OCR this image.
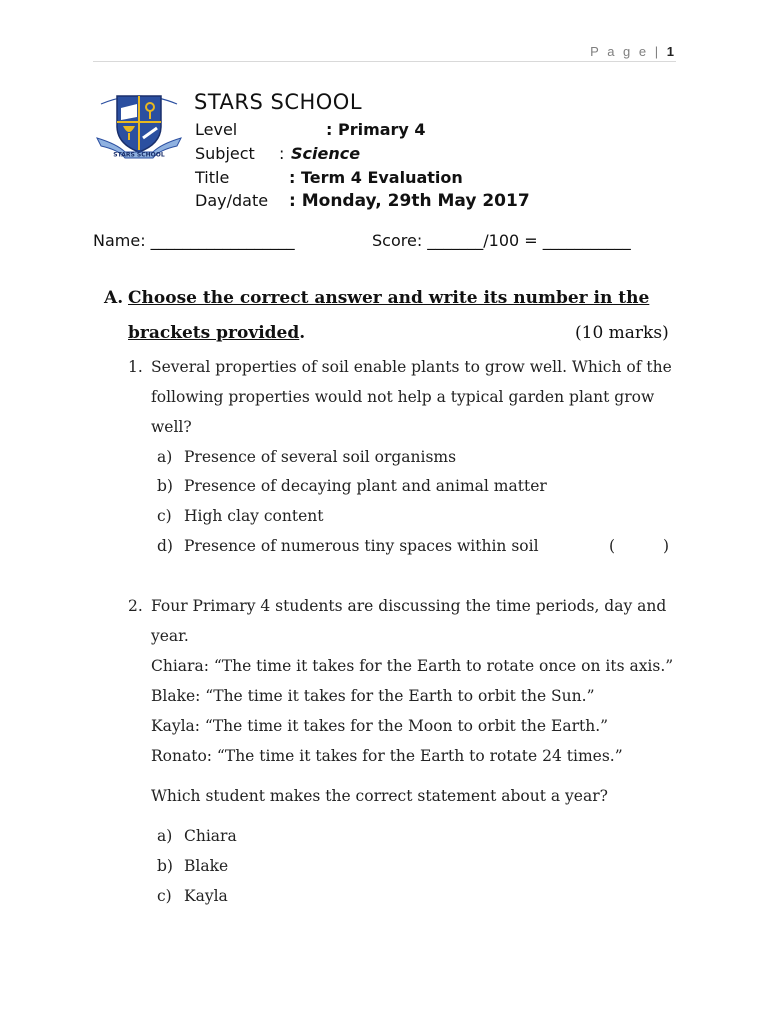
P a g e | 1
STARS SCHOOL
STARS SCHOOL
Level	: Primary 4
Subject : Science
Title	: Term 4 Evaluation
Day/date : Monday, 29th May 2017
Name: __________________	Score: _______/100 = ___________
A. Choose the correct answer and write its number in the
brackets provided.	(10 marks)
1. Several properties of soil enable plants to grow well. Which of the
following properties would not help a typical garden plant grow
well?
a) Presence of several soil organisms
b) Presence of decaying plant and animal matter
c) High clay content
d) Presence of numerous tiny spaces within soil	(	)
2. Four Primary 4 students are discussing the time periods, day and
year.
Chiara: “The time it takes for the Earth to rotate once on its axis.”
Blake: “The time it takes for the Earth to orbit the Sun.”
Kayla: “The time it takes for the Moon to orbit the Earth.”
Ronato: “The time it takes for the Earth to rotate 24 times.”
Which student makes the correct statement about a year?
a) Chiara
b) Blake
c) Kayla
